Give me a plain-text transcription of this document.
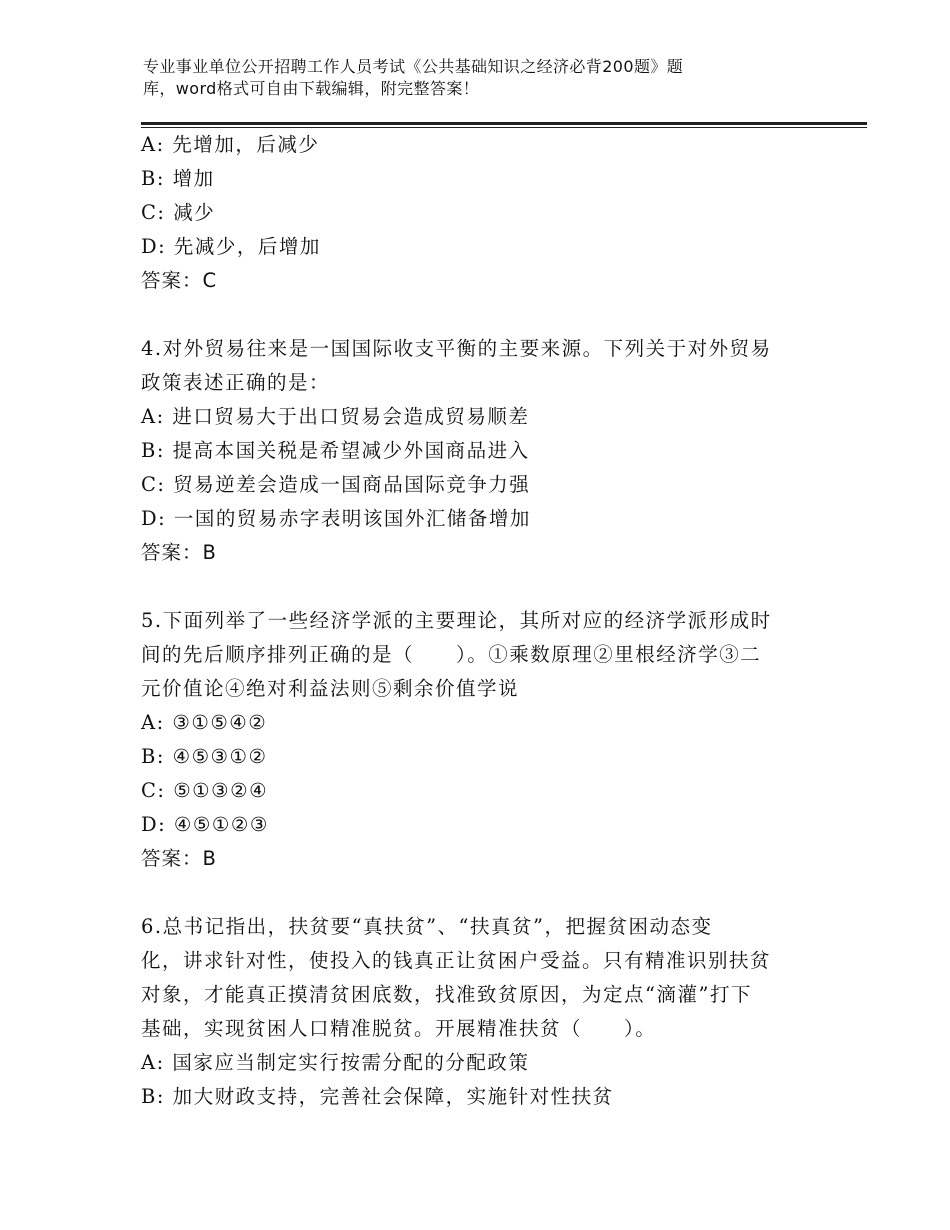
专业事业单位公开招聘工作人员考试《公共基础知识之经济必背200题》题
库，word格式可自由下载编辑，附完整答案！
A: 先增加，后减少
B: 增加
C: 减少
D: 先减少，后增加
答案：C
4.对外贸易往来是一国国际收支平衡的主要来源。下列关于对外贸易
政策表述正确的是：
A: 进口贸易大于出口贸易会造成贸易顺差
B: 提高本国关税是希望减少外国商品进入
C: 贸易逆差会造成一国商品国际竞争力强
D: 一国的贸易赤字表明该国外汇储备增加
答案：B
5.下面列举了一些经济学派的主要理论，其所对应的经济学派形成时
间的先后顺序排列正确的是（　　）。①乘数原理②里根经济学③二
元价值论④绝对利益法则⑤剩余价值学说
A: ③①⑤④②
B: ④⑤③①②
C: ⑤①③②④
D: ④⑤①②③
答案：B
6.总书记指出，扶贫要“真扶贫”、“扶真贫”，把握贫困动态变
化，讲求针对性，使投入的钱真正让贫困户受益。只有精准识别扶贫
对象，才能真正摸清贫困底数，找准致贫原因，为定点“滴灌”打下
基础，实现贫困人口精准脱贫。开展精准扶贫（　　）。
A: 国家应当制定实行按需分配的分配政策
B: 加大财政支持，完善社会保障，实施针对性扶贫
